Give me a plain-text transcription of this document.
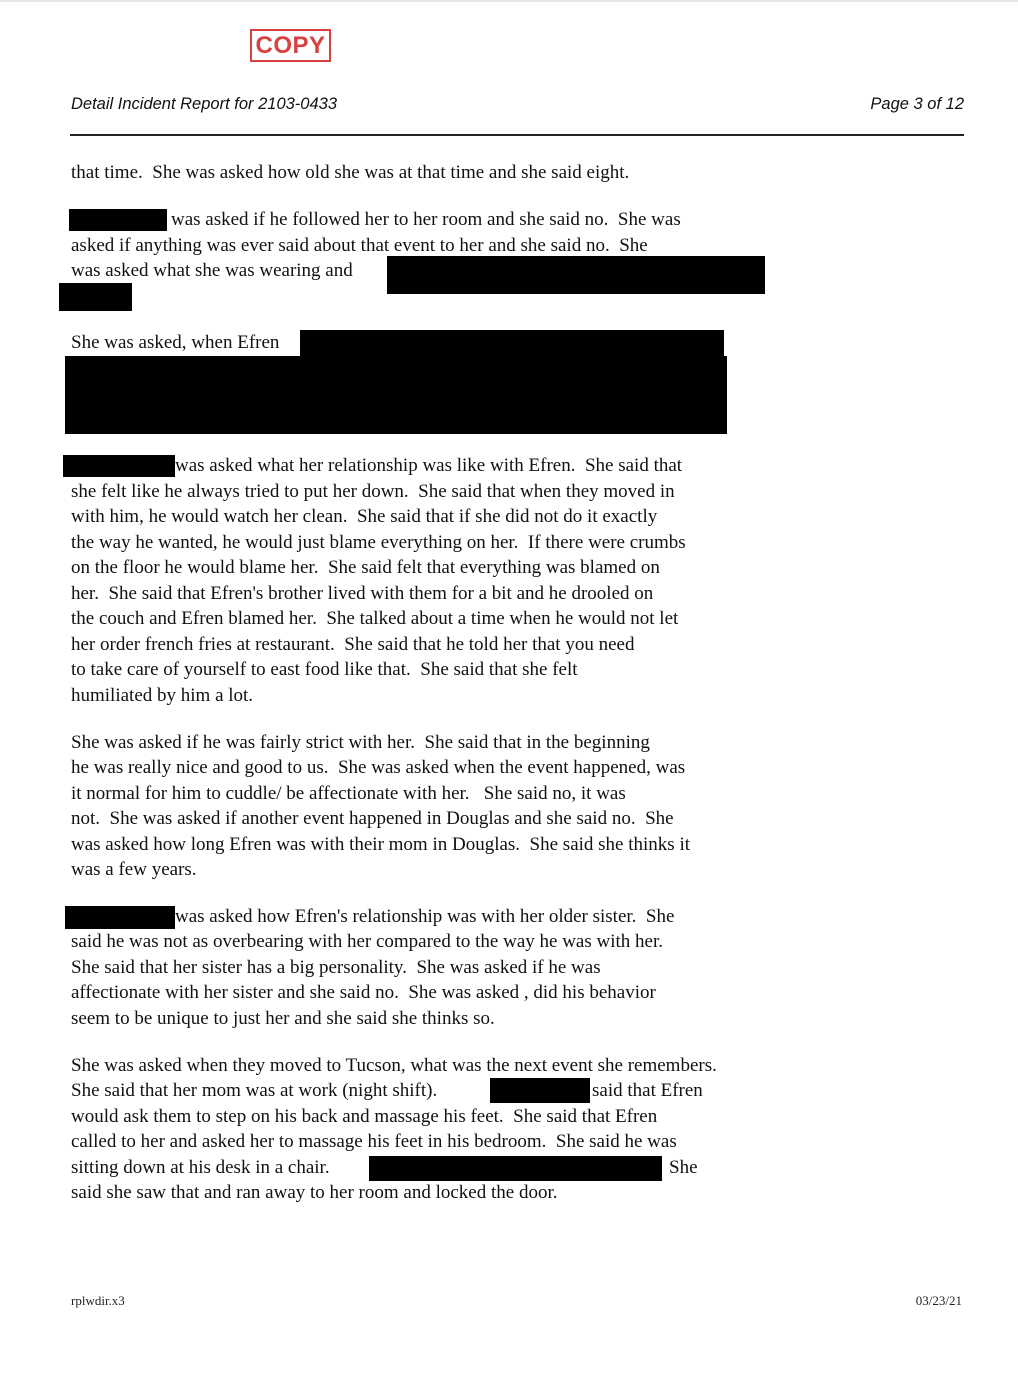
COPY
Detail Incident Report for 2103-0433	Page 3 of 12
that time.  She was asked how old she was at that time and she said eight.
was asked if he followed her to her room and she said no.  She was
asked if anything was ever said about that event to her and she said no.  She
was asked what she was wearing and
She was asked, when Efren
was asked what her relationship was like with Efren.  She said that
she felt like he always tried to put her down.  She said that when they moved in
with him, he would watch her clean.  She said that if she did not do it exactly
the way he wanted, he would just blame everything on her.  If there were crumbs
on the floor he would blame her.  She said felt that everything was blamed on
her.  She said that Efren's brother lived with them for a bit and he drooled on
the couch and Efren blamed her.  She talked about a time when he would not let
her order french fries at restaurant.  She said that he told her that you need
to take care of yourself to east food like that.  She said that she felt
humiliated by him a lot.
She was asked if he was fairly strict with her.  She said that in the beginning
he was really nice and good to us.  She was asked when the event happened, was
it normal for him to cuddle/ be affectionate with her.   She said no, it was
not.  She was asked if another event happened in Douglas and she said no.  She
was asked how long Efren was with their mom in Douglas.  She said she thinks it
was a few years.
was asked how Efren's relationship was with her older sister.  She
said he was not as overbearing with her compared to the way he was with her.
She said that her sister has a big personality.  She was asked if he was
affectionate with her sister and she said no.  She was asked , did his behavior
seem to be unique to just her and she said she thinks so.
She was asked when they moved to Tucson, what was the next event she remembers.
She said that her mom was at work (night shift).	said that Efren
would ask them to step on his back and massage his feet.  She said that Efren
called to her and asked her to massage his feet in his bedroom.  She said he was
sitting down at his desk in a chair.	She
said she saw that and ran away to her room and locked the door.
rplwdir.x3	03/23/21
